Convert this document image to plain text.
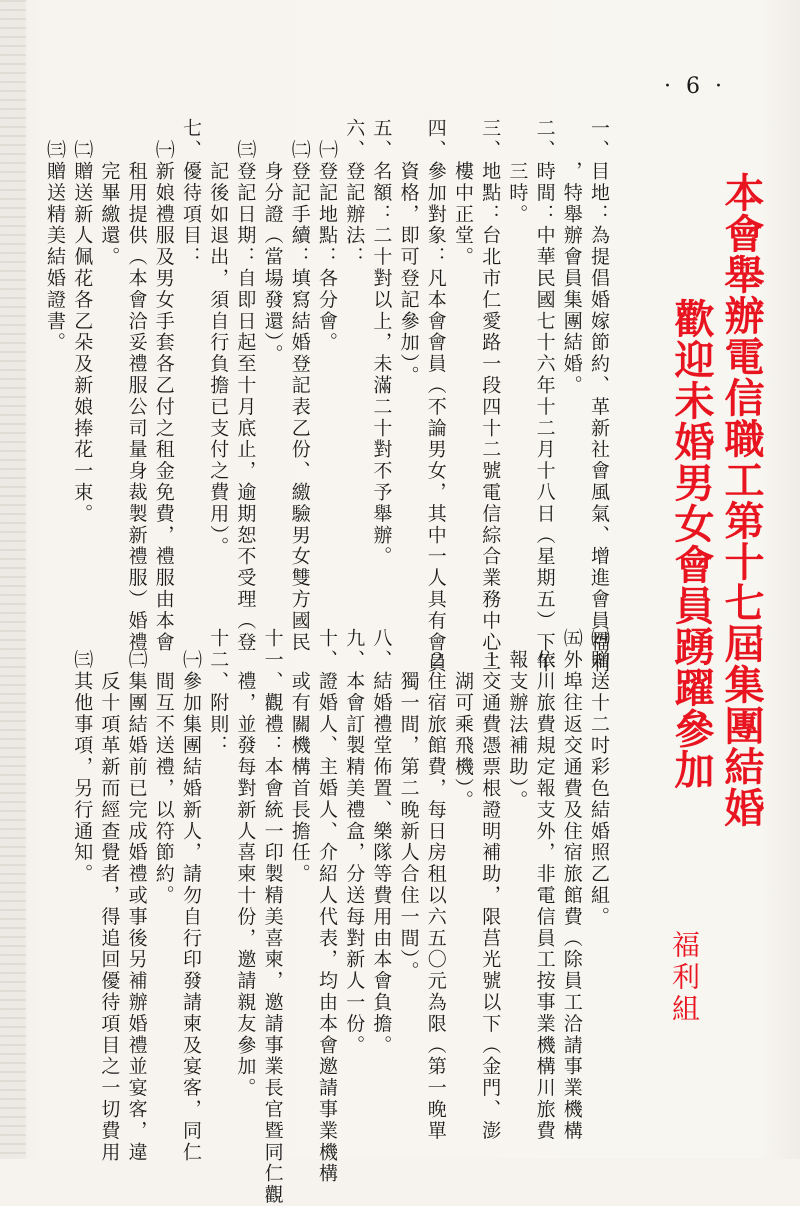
· 6 ·
本會舉辦電信職工第十七屆集團結婚
歡迎未婚男女會員踴躍參加
福利組
一、目地：為提倡婚嫁節約、革新社會風氣、增進會員福利
　　，特舉辦會員集團結婚。
二、時間：中華民國七十六年十二月十八日（星期五）下午
　　三時。
三、地點：台北市仁愛路一段四十二號電信綜合業務中心二
　　樓中正堂。
四、參加對象：凡本會會員（不論男女，其中一人具有會員
　　資格，即可登記參加）。
五、名額：二十對以上，未滿二十對不予舉辦。
六、登記辦法：
　㈠登記地點：各分會。
　㈡登記手續：填寫結婚登記表乙份、繳驗男女雙方國民
　　身分證（當場發還）。
　㈢登記日期：自即日起至十月底止，逾期恕不受理（登
　　記後如退出，須自行負擔已支付之費用）。
七、優待項目：
　㈠新娘禮服及男女手套各乙付之租金免費，禮服由本會
　　租用提供（本會洽妥禮服公司量身裁製新禮服）婚禮
　　完畢繳還。
　㈡贈送新人佩花各乙朵及新娘捧花一束。
　㈢贈送精美結婚證書。
㈣贈送十二吋彩色結婚照乙組。
㈤外埠往返交通費及住宿旅館費（除員工洽請事業機構
　依川旅費規定報支外，非電信員工按事業機構川旅費
　報支辦法補助）。
　１交通費憑票根證明補助，限莒光號以下（金門、澎
　　湖可乘飛機）。
　２住宿旅館費，每日房租以六五〇元為限（第一晚單
　　獨一間，第二晚新人合住一間）。
八、結婚禮堂佈置、樂隊等費用由本會負擔。
九、本會訂製精美禮盒，分送每對新人一份。
十、證婚人、主婚人、介紹人代表，均由本會邀請事業機構
　　或有關機構首長擔任。
十一、觀禮：本會統一印製精美喜柬，邀請事業長官暨同仁觀
　　禮，並發每對新人喜柬十份，邀請親友參加。
十二、附則：
　㈠參加集團結婚新人，請勿自行印發請柬及宴客，同仁
　　間互不送禮，以符節約。
　㈡集團結婚前已完成婚禮或事後另補辦婚禮並宴客，違
　　反十項革新而經查覺者，得追回優待項目之一切費用
　㈢其他事項，另行通知。
